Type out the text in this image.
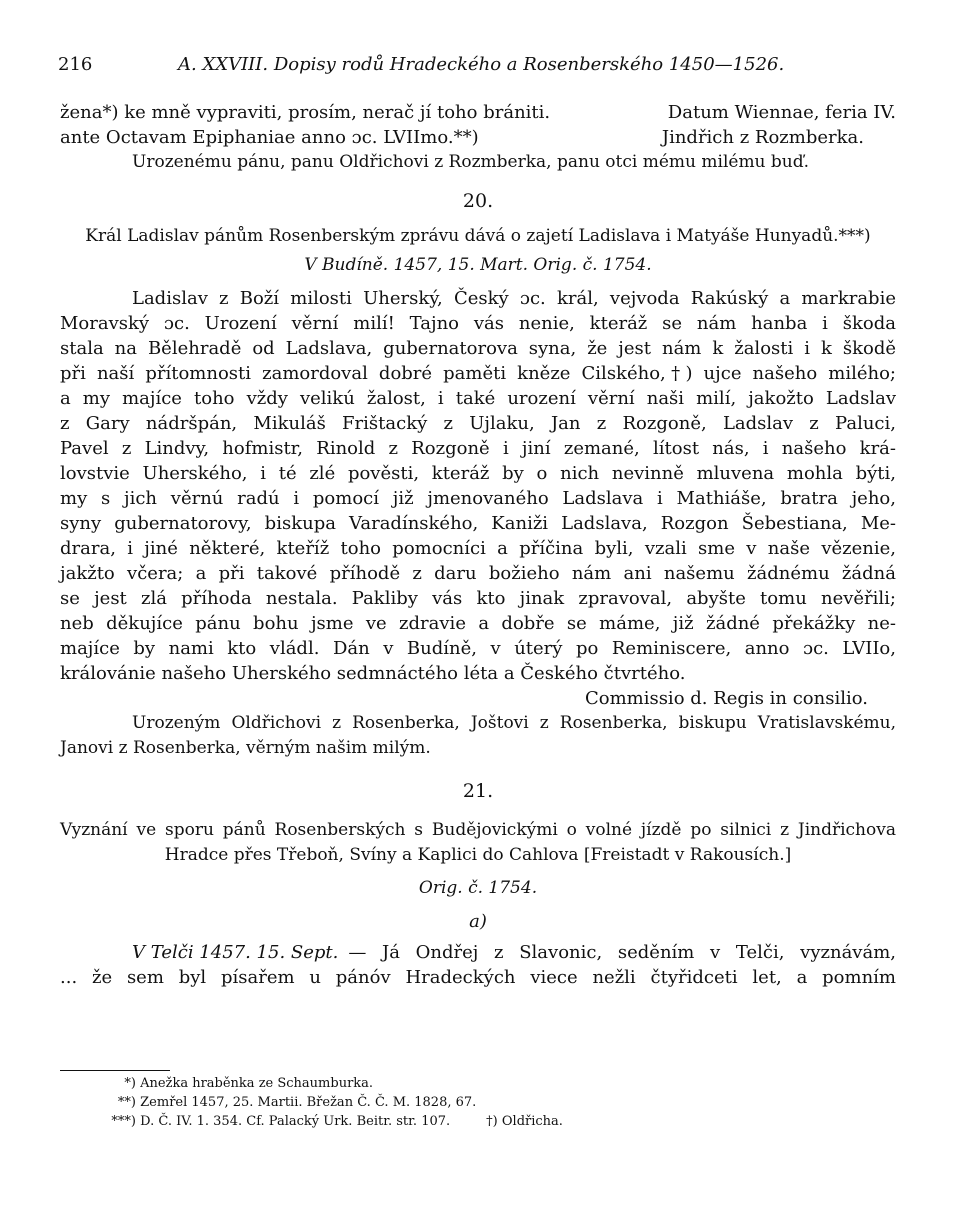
216	A. XXVIII. Dopisy rodů Hradeckého a Rosenberského 1450—1526.
žena*) ke mně vypraviti, prosím, nerač jí toho brániti.	Datum Wiennae, feria IV.
ante Octavam Epiphaniae anno ɔc. LVIImo.**)	Jindřich z Rozmberka.
Urozenému pánu, panu Oldřichovi z Rozmberka, panu otci mému milému buď.
20.
Král Ladislav pánům Rosenberským zprávu dává o zajetí Ladislava i Matyáše Hunyadů.***)
V Budíně. 1457, 15. Mart. Orig. č. 1754.
Ladislav z Boží milosti Uherský, Český ɔc. král, vejvoda Rakúský a markrabie
Moravský ɔc. Urození věrní milí! Tajno vás nenie, kteráž se nám hanba i škoda
stala na Bělehradě od Ladslava, gubernatorova syna, že jest nám k žalosti i k škodě
při naší přítomnosti zamordoval dobré paměti kněze Cilského,†) ujce našeho milého;
a my majíce toho vždy velikú žalost, i také urození věrní naši milí, jakožto Ladslav
z Gary nádršpán, Mikuláš Frištacký z Ujlaku, Jan z Rozgoně, Ladslav z Paluci,
Pavel z Lindvy, hofmistr, Rinold z Rozgoně i jiní zemané, lítost nás, i našeho krá-
lovstvie Uherského, i té zlé pověsti, kteráž by o nich nevinně mluvena mohla býti,
my s jich věrnú radú i pomocí již jmenovaného Ladslava i Mathiáše, bratra jeho,
syny gubernatorovy, biskupa Varadínského, Kaniži Ladslava, Rozgon Šebestiana, Me-
drara, i jiné některé, kteříž toho pomocníci a příčina byli, vzali sme v naše vězenie,
jakžto včera; a při takové příhodě z daru božieho nám ani našemu žádnému žádná
se jest zlá příhoda nestala. Pakliby vás kto jinak zpravoval, abyšte tomu nevěřili;
neb děkujíce pánu bohu jsme ve zdravie a dobře se máme, již žádné překážky ne-
majíce by nami kto vládl. Dán v Budíně, v úterý po Reminiscere, anno ɔc. LVIIo,
královánie našeho Uherského sedmnáctého léta a Českého čtvrtého.
Commissio d. Regis in consilio.
Urozeným Oldřichovi z Rosenberka, Joštovi z Rosenberka, biskupu Vratislavskému,
Janovi z Rosenberka, věrným našim milým.
21.
Vyznání ve sporu pánů Rosenberských s Budějovickými o volné jízdě po silnici z Jindřichova
Hradce přes Třeboň, Svíny a Kaplici do Cahlova [Freistadt v Rakousích.]
Orig. č. 1754.
a)
V Telči 1457. 15. Sept. — Já Ondřej z Slavonic, seděním v Telči, vyznávám,
... že sem byl písařem u pánóv Hradeckých viece nežli čtyřidceti let, a pomním
*) Anežka hraběnka ze Schaumburka.
**) Zemřel 1457, 25. Martii. Břežan Č. Č. M. 1828, 67.
***) D. Č. IV. 1. 354. Cf. Palacký Urk. Beitr. str. 107.	†) Oldřicha.
